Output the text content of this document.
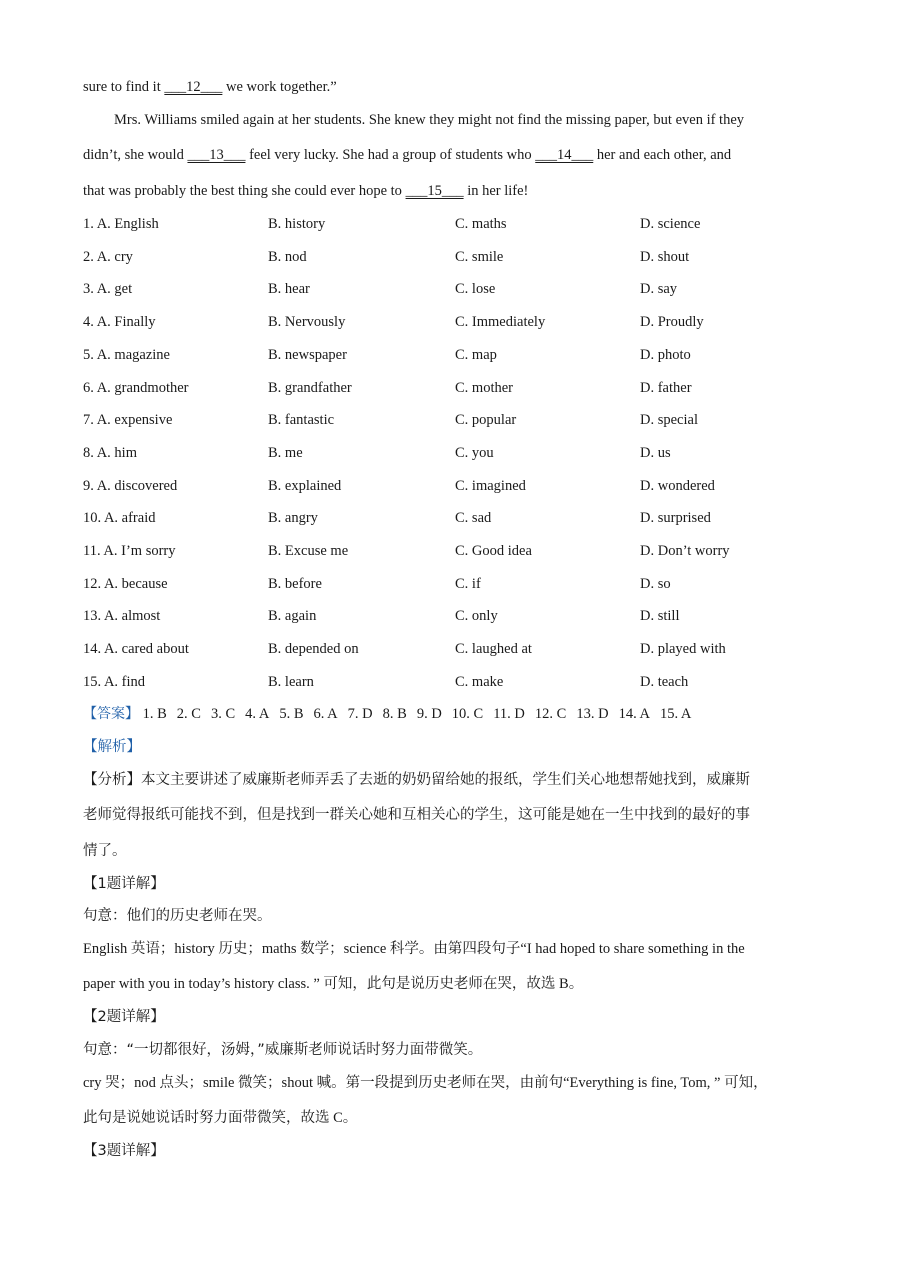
sure to find it ___12___ we work together.”
Mrs. Williams smiled again at her students. She knew they might not find the missing paper, but even if they
didn’t, she would ___13___ feel very lucky. She had a group of students who ___14___ her and each other, and
that was probably the best thing she could ever hope to ___15___ in her life!
1. A. English	B. history	C. maths	D. science
2. A. cry	B. nod	C. smile	D. shout
3. A. get	B. hear	C. lose	D. say
4. A. Finally	B. Nervously	C. Immediately	D. Proudly
5. A. magazine	B. newspaper	C. map	D. photo
6. A. grandmother	B. grandfather	C. mother	D. father
7. A. expensive	B. fantastic	C. popular	D. special
8. A. him	B. me	C. you	D. us
9. A. discovered	B. explained	C. imagined	D. wondered
10. A. afraid	B. angry	C. sad	D. surprised
11. A. I’m sorry	B. Excuse me	C. Good idea	D. Don’t worry
12. A. because	B. before	C. if	D. so
13. A. almost	B. again	C. only	D. still
14. A. cared about	B. depended on	C. laughed at	D. played with
15. A. find	B. learn	C. make	D. teach
【答案】 1. B 2. C 3. C 4. A 5. B 6. A 7. D 8. B 9. D 10. C 11. D 12. C 13. D 14. A 15. A
【解析】
【分析】本文主要讲述了威廉斯老师弄丢了去逝的奶奶留给她的报纸，学生们关心地想帮她找到，威廉斯
老师觉得报纸可能找不到，但是找到一群关心她和互相关心的学生，这可能是她在一生中找到的最好的事
情了。
【1题详解】
句意：他们的历史老师在哭。
English 英语；history 历史；maths 数学；science 科学。由第四段句子“I had hoped to share something in the
paper with you in today’s history class. ” 可知，此句是说历史老师在哭，故选 B。
【2题详解】
句意：“一切都很好，汤姆，”威廉斯老师说话时努力面带微笑。
cry 哭；nod 点头；smile 微笑；shout 喊。第一段提到历史老师在哭，由前句“Everything is fine, Tom, ” 可知，
此句是说她说话时努力面带微笑，故选 C。
【3题详解】
